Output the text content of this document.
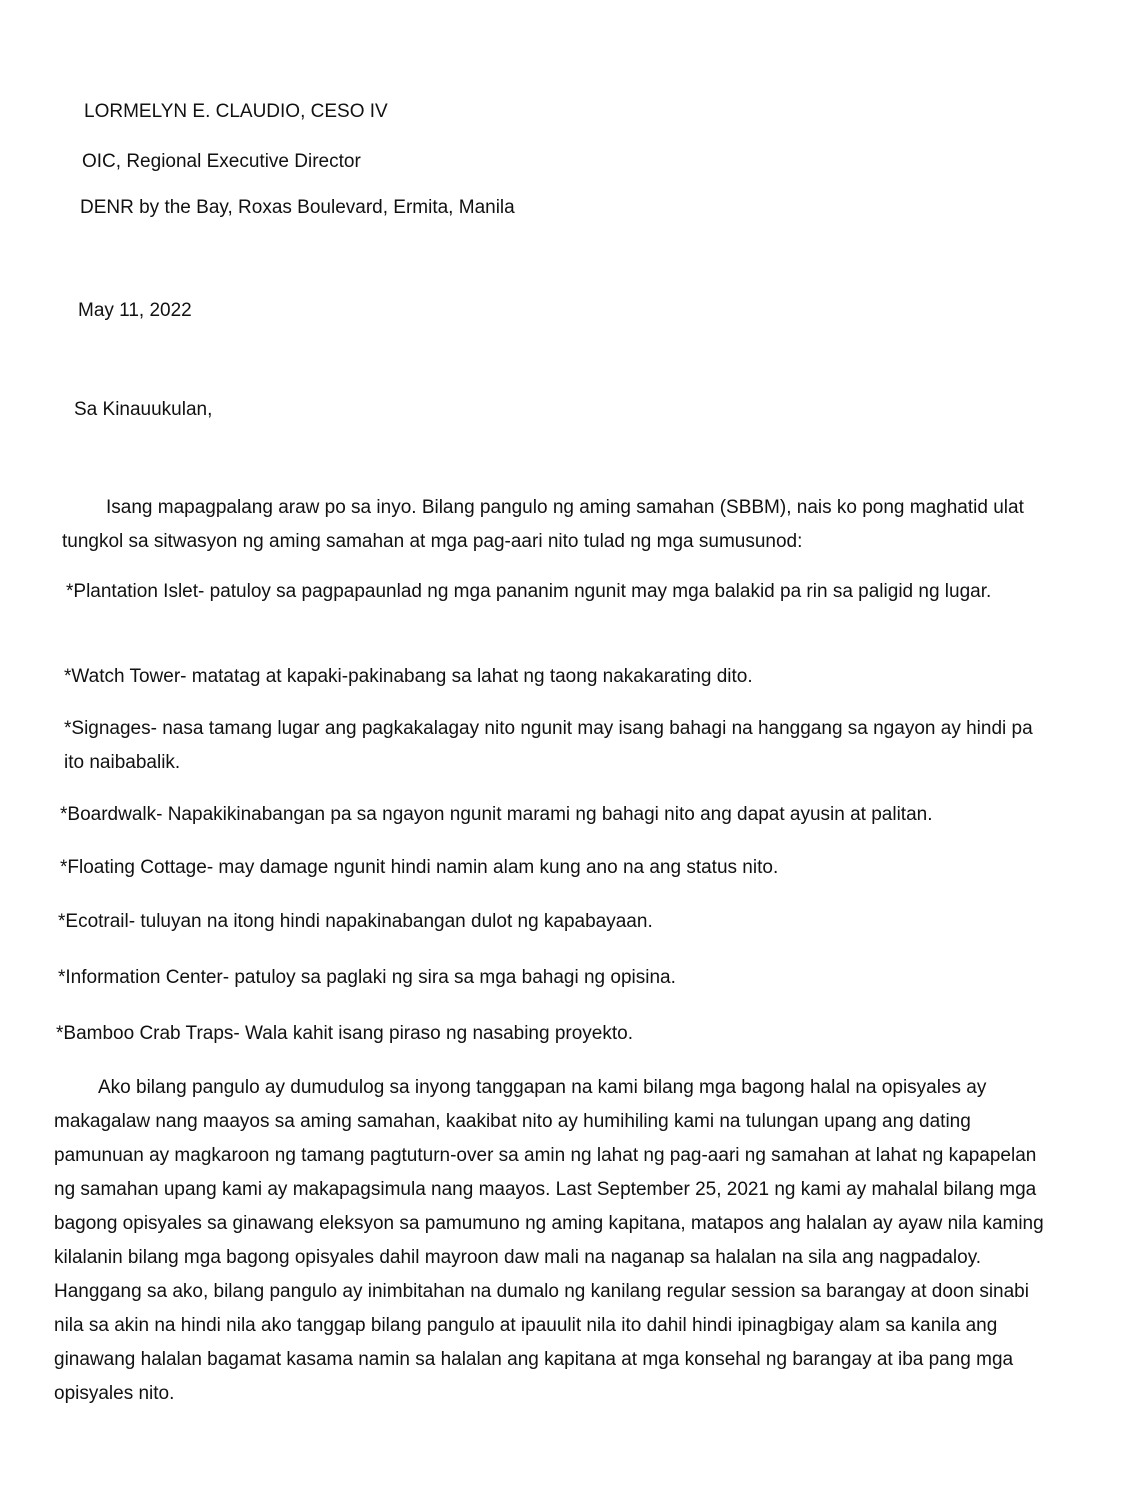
LORMELYN E. CLAUDIO, CESO IV
OIC, Regional Executive Director
DENR by the Bay, Roxas Boulevard, Ermita, Manila
May 11, 2022
Sa Kinauukulan,
Isang mapagpalang araw po sa inyo. Bilang pangulo ng aming samahan (SBBM), nais ko pong maghatid ulat tungkol sa sitwasyon ng aming samahan at mga pag-aari nito tulad ng mga sumusunod:
*Plantation Islet- patuloy sa pagpapaunlad ng mga pananim ngunit may mga balakid pa rin sa paligid ng lugar.
*Watch Tower- matatag at kapaki-pakinabang sa lahat ng taong nakakarating dito.
*Signages- nasa tamang lugar ang pagkakalagay nito ngunit may isang bahagi na hanggang sa ngayon ay hindi pa ito naibabalik.
*Boardwalk- Napakikinabangan pa sa ngayon ngunit marami ng bahagi nito ang dapat ayusin at palitan.
*Floating Cottage- may damage ngunit hindi namin alam kung ano na ang status nito.
*Ecotrail- tuluyan na itong hindi napakinabangan dulot ng kapabayaan.
*Information Center- patuloy sa paglaki ng sira sa mga bahagi ng opisina.
*Bamboo Crab Traps- Wala kahit isang piraso ng nasabing proyekto.
Ako bilang pangulo ay dumudulog sa inyong tanggapan na kami bilang mga bagong halal na opisyales ay makagalaw nang maayos sa aming samahan, kaakibat nito ay humihiling kami na tulungan upang ang dating pamunuan ay magkaroon ng tamang pagtuturn-over sa amin ng lahat ng pag-aari ng samahan at lahat ng kapapelan ng samahan upang kami ay makapagsimula nang maayos. Last September 25, 2021 ng kami ay mahalal bilang mga bagong opisyales sa ginawang eleksyon sa pamumuno ng aming kapitana, matapos ang halalan ay ayaw nila kaming kilalanin bilang mga bagong opisyales dahil mayroon daw mali na naganap sa halalan na sila ang nagpadaloy. Hanggang sa ako, bilang pangulo ay inimbitahan na dumalo ng kanilang regular session sa barangay at doon sinabi nila sa akin na hindi nila ako tanggap bilang pangulo at ipauulit nila ito dahil hindi ipinagbigay alam sa kanila ang ginawang halalan bagamat kasama namin sa halalan ang kapitana at mga konsehal ng barangay at iba pang mga opisyales nito.
